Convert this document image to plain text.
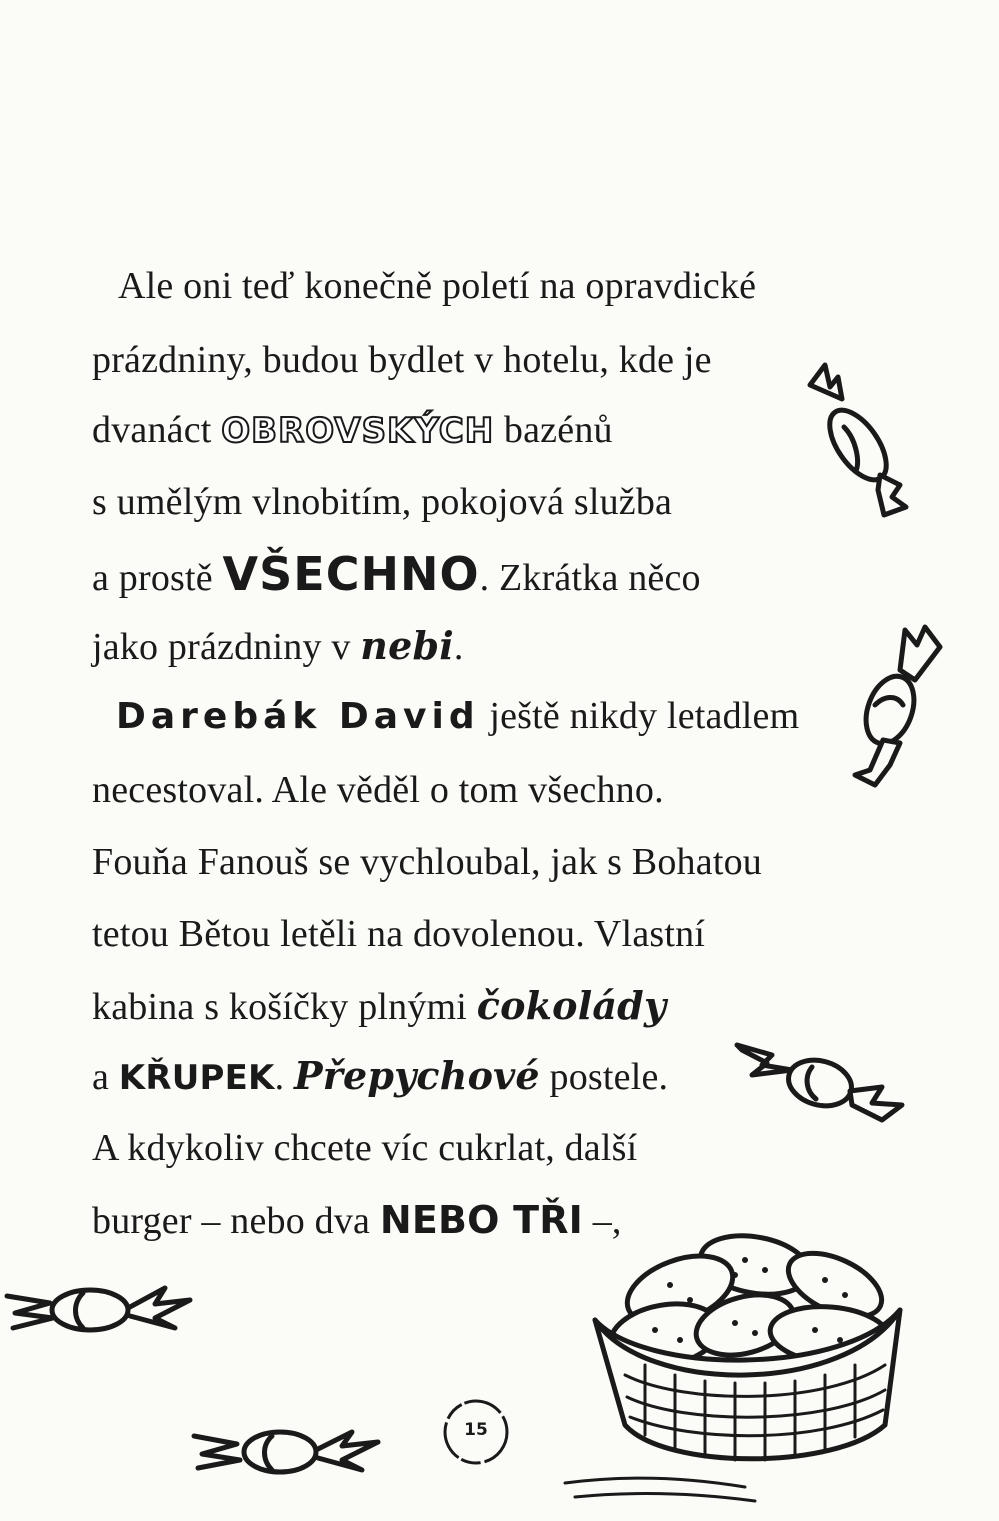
Ale oni teď konečně poletí na opravdické
prázdniny, budou bydlet v hotelu, kde je
dvanáct OBROVSKÝCH bazénů
s umělým vlnobitím, pokojová služba
a prostě VŠECHNO. Zkrátka něco
jako prázdniny v nebi.
Darebák David ještě nikdy letadlem
necestoval. Ale věděl o tom všechno.
Fouňa Fanouš se vychloubal, jak s Bohatou
tetou Bětou letěli na dovolenou. Vlastní
kabina s košíčky plnými čokolády
a KŘUPEK. Přepychové postele.
A kdykoliv chcete víc cukrlat, další
burger – nebo dva NEBO TŘI –,
15
